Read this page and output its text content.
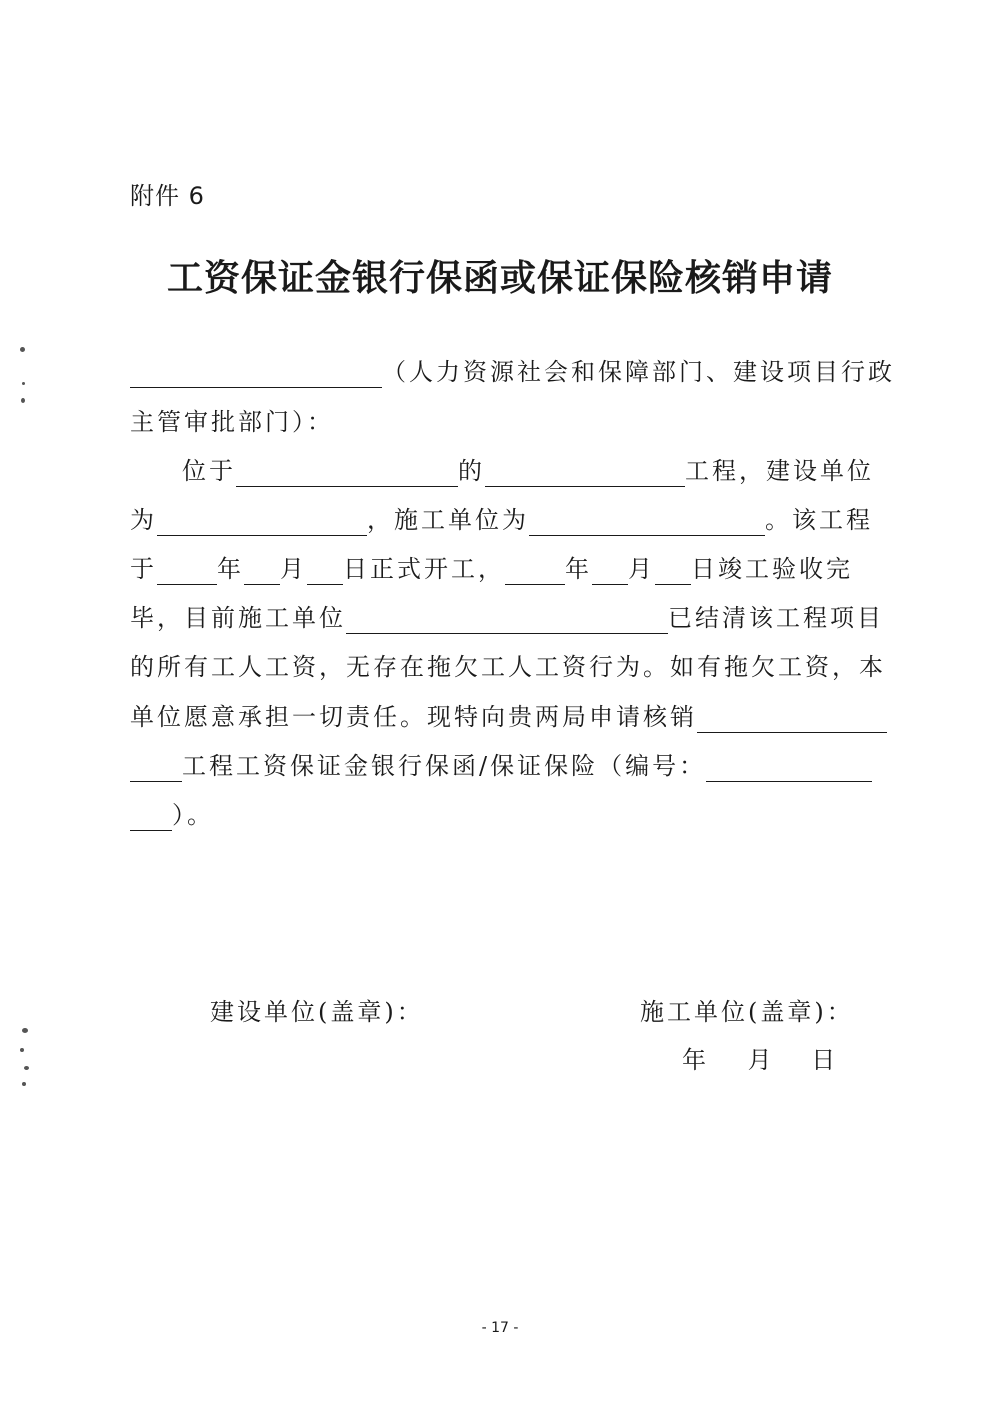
附件 6
工资保证金银行保函或保证保险核销申请
（人力资源社会和保障部门、建设项目行政
主管审批部门）：
位于	的	工程，建设单位
为	，施工单位为	。该工程
于	年 月 日正式开工，	年 月 日竣工验收完
毕，目前施工单位	已结清该工程项目
的所有工人工资，无存在拖欠工人工资行为。如有拖欠工资，本
单位愿意承担一切责任。现特向贵两局申请核销
工程工资保证金银行保函/保证保险（编号：
）。
建设单位(盖章)：	施工单位(盖章)：
年 月 日
- 17 -
